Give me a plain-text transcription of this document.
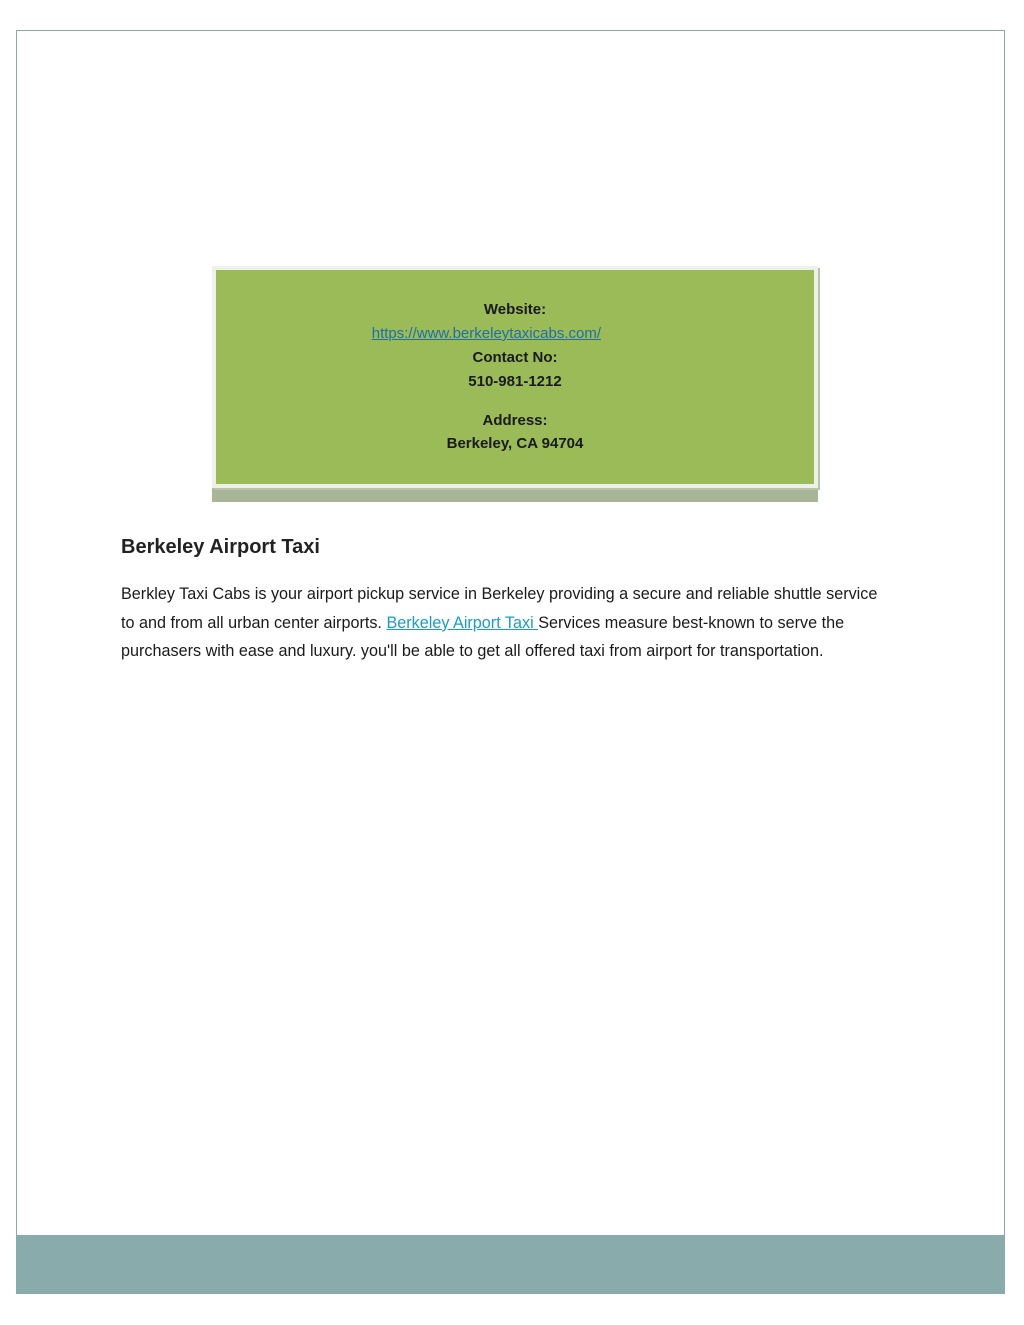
Website:
https://www.berkeleytaxicabs.com/
Contact No:
510-981-1212
Address:
Berkeley, CA 94704
Berkeley Airport Taxi

Berkley Taxi Cabs is your airport pickup service in Berkeley providing a secure and reliable shuttle service to and from all urban center airports. Berkeley Airport Taxi Services measure best-known to serve the purchasers with ease and luxury. you'll be able to get all offered taxi from airport for transportation.
